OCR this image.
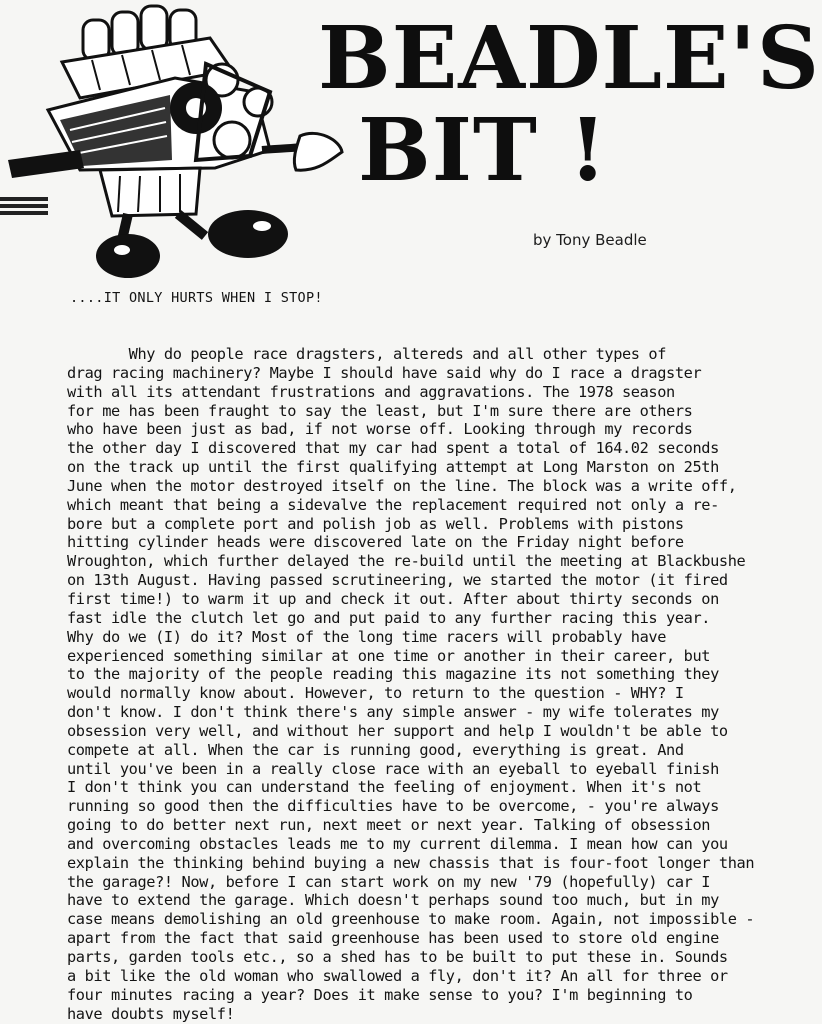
BEADLE'S
BIT !
by Tony Beadle
....IT ONLY HURTS WHEN I STOP!
Why do people race dragsters, altereds and all other types of
drag racing machinery? Maybe I should have said why do I race a dragster
with all its attendant frustrations and aggravations. The 1978 season
for me has been fraught to say the least, but I'm sure there are others
who have been just as bad, if not worse off. Looking through my records
the other day I discovered that my car had spent a total of 164.02 seconds
on the track up until the first qualifying attempt at Long Marston on 25th
June when the motor destroyed itself on the line. The block was a write off,
which meant that being a sidevalve the replacement required not only a re-
bore but a complete port and polish job as well. Problems with pistons
hitting cylinder heads were discovered late on the Friday night before
Wroughton, which further delayed the re-build until the meeting at Blackbushe
on 13th August. Having passed scrutineering, we started the motor (it fired
first time!) to warm it up and check it out. After about thirty seconds on
fast idle the clutch let go and put paid to any further racing this year.
Why do we (I) do it? Most of the long time racers will probably have
experienced something similar at one time or another in their career, but
to the majority of the people reading this magazine its not something they
would normally know about. However, to return to the question - WHY? I
don't know. I don't think there's any simple answer - my wife tolerates my
obsession very well, and without her support and help I wouldn't be able to
compete at all. When the car is running good, everything is great. And
until you've been in a really close race with an eyeball to eyeball finish
I don't think you can understand the feeling of enjoyment. When it's not
running so good then the difficulties have to be overcome, - you're always
going to do better next run, next meet or next year. Talking of obsession
and overcoming obstacles leads me to my current dilemma. I mean how can you
explain the thinking behind buying a new chassis that is four-foot longer than
the garage?! Now, before I can start work on my new '79 (hopefully) car I
have to extend the garage. Which doesn't perhaps sound too much, but in my
case means demolishing an old greenhouse to make room. Again, not impossible -
apart from the fact that said greenhouse has been used to store old engine
parts, garden tools etc., so a shed has to be built to put these in. Sounds
a bit like the old woman who swallowed a fly, don't it? An all for three or
four minutes racing a year? Does it make sense to you? I'm beginning to
have doubts myself!
